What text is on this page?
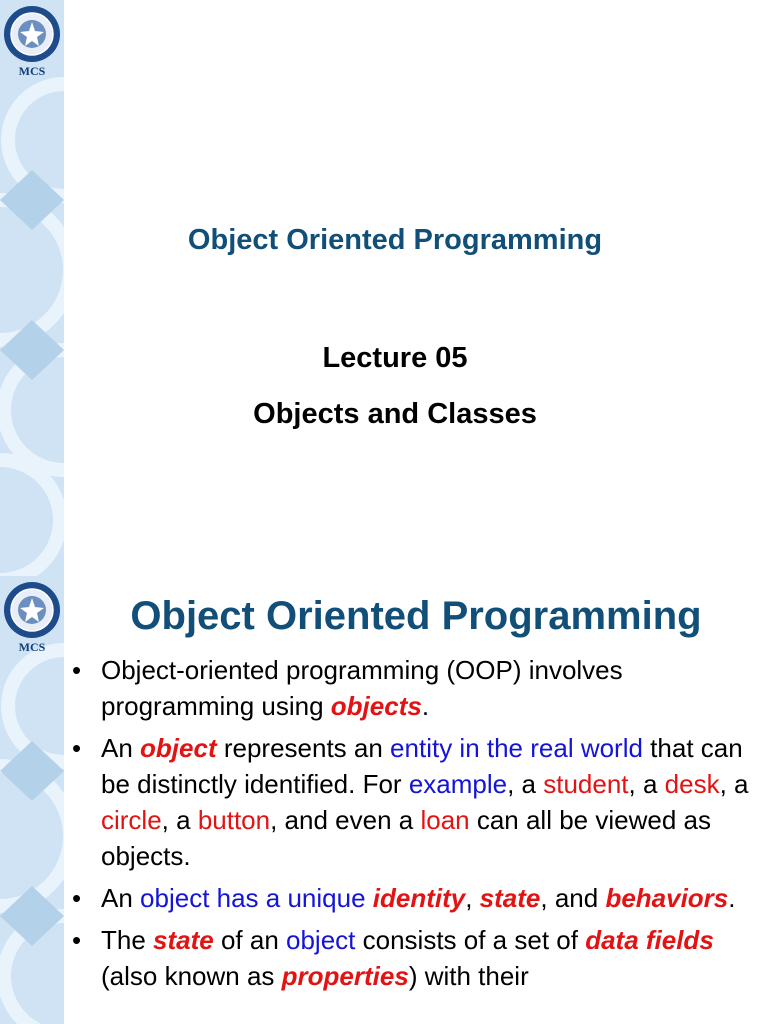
MCS
Object Oriented Programming
Lecture 05
Objects and Classes
MCS
Object Oriented Programming
• Object-oriented programming (OOP) involves programming using objects.
• An object represents an entity in the real world that can be distinctly identified. For example, a student, a desk, a circle, a button, and even a loan can all be viewed as objects.
• An object has a unique identity, state, and behaviors.
• The state of an object consists of a set of data fields (also known as properties) with their
